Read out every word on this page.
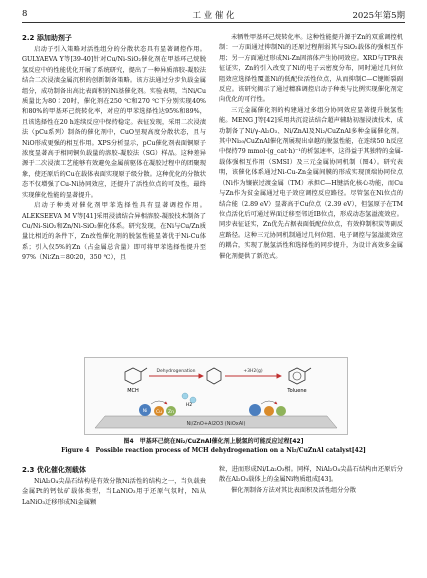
8	工 业 催 化	2025年第5期
2.2 添加助剂子

启动子引入策略对活性组分的分散状态具有显著调控作用。GULYAEVA Y等[39-40]针对Cu/Ni-SiO₂催化剂在甲基环己烷脱氢反应中的性能优化开展了系统研究，提出了一种异质溶胶-凝胶法结合二次浸渍金属沉积的创新制备策略。该方法通过分步负载金属组分，成功制备出高比表面积的Ni基催化剂。实验表明，当Ni/Cu质量比为80∶20时，催化剂在250 ℃和270 ℃下分别实现40%和80%的甲基环己烷转化率，对应的甲苯选择性达95%和89%，且该选择性在20 h连续反应中保持稳定。表征发现，采用二次浸渍法（pCu系列）制备的催化剂中，CuO呈现高度分散状态，且与NiO形成更强的相互作用。XPS分析显示，pCu催化剂表面铜原子浓度显著高于相同铜负载量的溶胶-凝胶法（SG）样品。这种差异源于二次浸渍工艺能够有效避免金属前驱体在凝胶过程中的团聚现象，使还原后的Cu在载体表面实现原子级分散。这种优化的分散状态不仅增强了Cu-Ni协同效应，还提升了活性位点的可及性，最终实现催化性能的显著提升。

启动子种类对催化剂甲苯选择性具有显著调控作用。ALEKSEEVA M V等[41]采用浸渍结合异相溶胶-凝胶技术制备了Cu/Ni-SiO₂和Zn/Ni-SiO₂催化体系。研究发现，在Ni与Cu/Zn质量比相近的条件下，Zn改性催化剂的脱氢性能显著优于Ni-Cu体系；引入仅5%的Zn（占金属总含量）即可将甲苯选择性提升至97%（Ni∶Zn＝80∶20，350 ℃），且

未牺牲甲基环己烷转化率。这种性能提升源于Zn的双重调控机制：一方面通过抑制Ni的还原过程削弱其与SiO₂载体的强相互作用；另一方面通过形成Ni-Zn固溶体产生协同效应。XRD与TPR表征证实，Zn的引入改变了Ni的电子云密度分布，同时通过几何位阻效应选择性覆盖Ni的低配位活性位点，从而抑制C—C键断裂副反应。该研究揭示了通过精准调控启动子种类与比例实现催化剂定向优化的可行性。

三元金属催化剂的构建通过多组分协同效应显著提升脱氢性能。MENG J等[42]采用共沉淀法结合超声辅助初湿浸渍技术，成功制备了Ni/γ-Al₂O₃、Ni/ZnAl及Ni₂/CuZnAl多种金属催化剂。其中Ni₂₀/CuZnAl催化剂展现出卓越的脱氢性能，在连续50 h反应中保持79 mmol·(g_cat·h)⁻¹的析氢速率，这得益于其独特的金属-载体强相互作用（SMSI）及三元金属协同机制（图4）。研究表明，该催化体系通过Ni-Cu-Zn金属间膜的形成实现顶端协同位点（Ni作为镶嵌过渡金属（TM）承担C—H键活化核心功能，而Cu与Zn作为贫金属通过电子效应调控反应路径。尽管氢在Ni位点的结合能（2.89 eV）显著高于Cu位点（2.39 eV），但氢原子在TM位点活化后可通过界面迁移至邻近IB位点，形成动态氢溢流效应。同步表征证实，Zn优先占据表面低配位位点，有效抑制积炭等副反应路径。这种三元协同机制通过几何位阻、电子调控与氢溢流效应的耦合，实现了脱氢活性和选择性的同步提升，为设计高效多金属催化剂提供了新范式。

Ni/ZnO+Al2O3 (NiOxAl)
Ni Cu Zn
MCH
Dehydrogenation	+3H2(g)
Toluene
H2
图4　甲基环己烷在Ni₂/CuZnAl催化剂上脱氢的可能反应过程[42]
Figure 4　Possible reaction process of MCH dehydrogenation on a Ni₂/CuZnAl catalyst[42]
2.3 优化催化剂载体

NiAl₂O₄尖晶石结构是有效分散Ni活性的结构之一，当负载贵金属Pt的钙钛矿载体类型，当LaNiO₃用于还原气氛时，Ni从LaNiO₃迁移形成Ni金属颗

粒，进而形成Ni/La₂O₃相。同样，NiAl₂O₄尖晶石结构由还原后分散在Al₂O₃载体上的金属Ni物质组成[43]。

催化剂制备方法对其比表面积及活性组分分散
